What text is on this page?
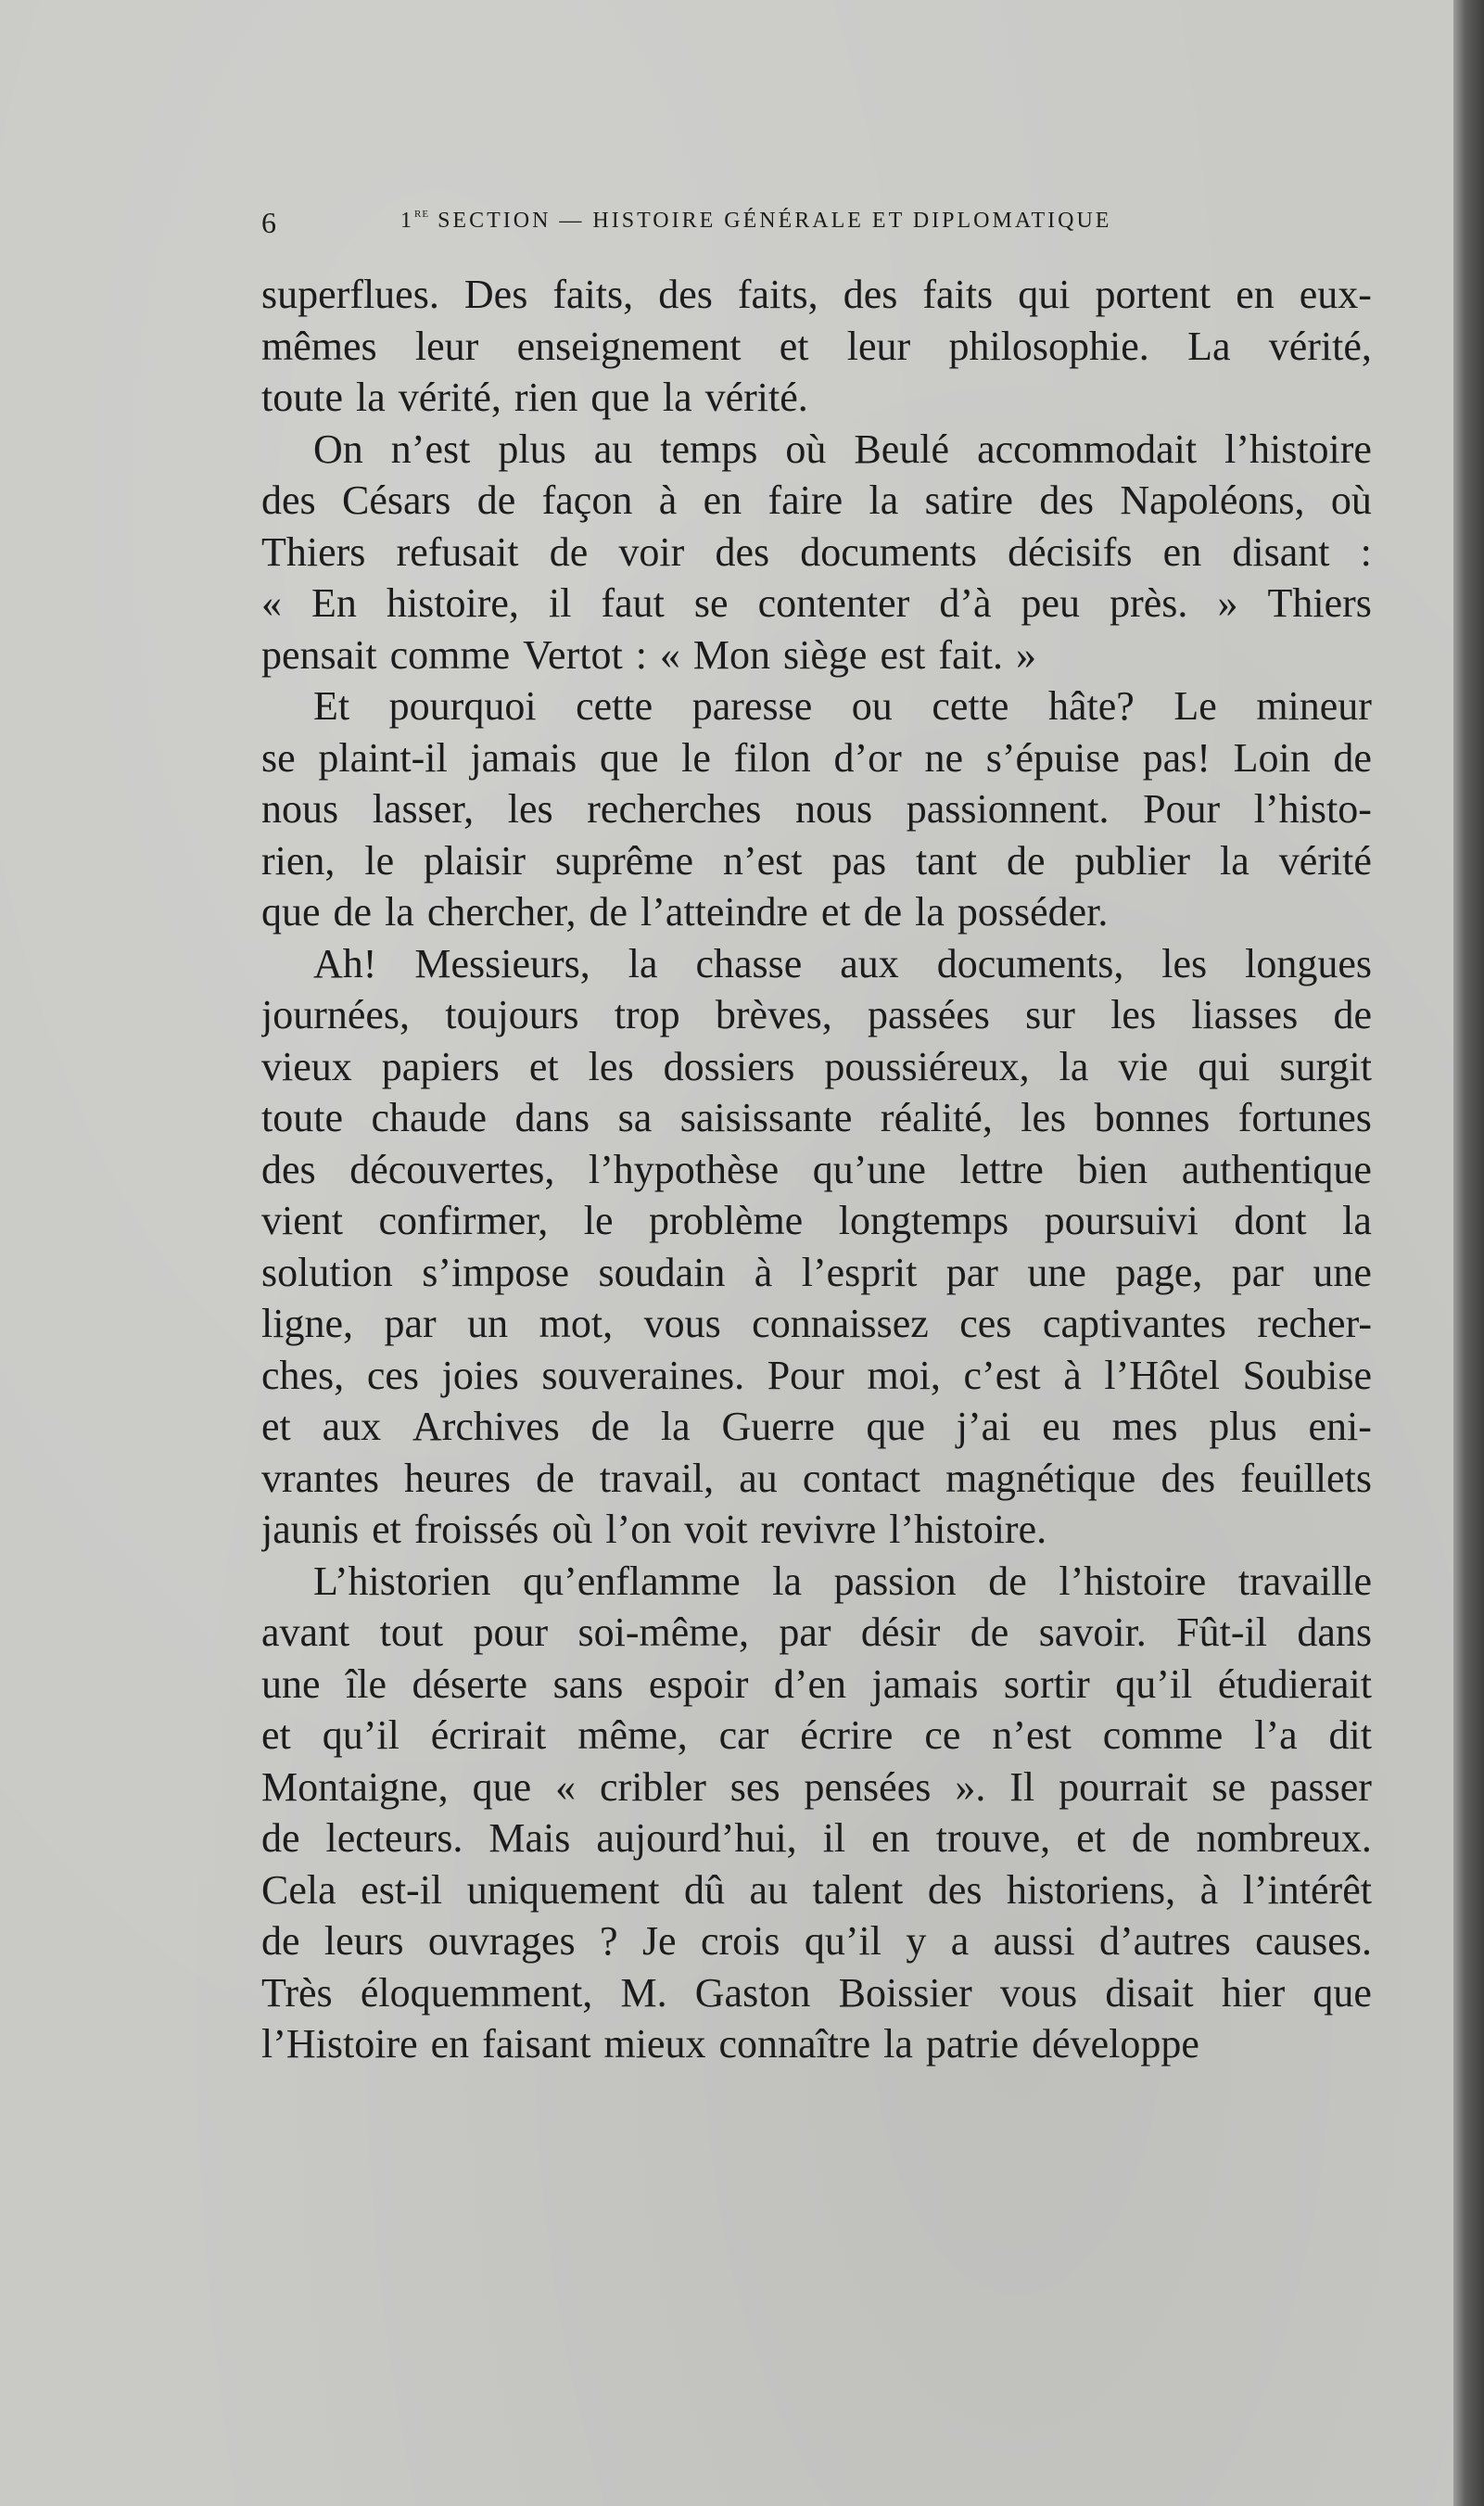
6	1re SECTION — HISTOIRE GÉNÉRALE ET DIPLOMATIQUE
superflues. Des faits, des faits, des faits qui portent en eux-
mêmes leur enseignement et leur philosophie. La vérité,
toute la vérité, rien que la vérité.
On n’est plus au temps où Beulé accommodait l’histoire
des Césars de façon à en faire la satire des Napoléons, où
Thiers refusait de voir des documents décisifs en disant :
« En histoire, il faut se contenter d’à peu près. » Thiers
pensait comme Vertot : « Mon siège est fait. »
Et pourquoi cette paresse ou cette hâte? Le mineur
se plaint-il jamais que le filon d’or ne s’épuise pas! Loin de
nous lasser, les recherches nous passionnent. Pour l’histo-
rien, le plaisir suprême n’est pas tant de publier la vérité
que de la chercher, de l’atteindre et de la posséder.
Ah! Messieurs, la chasse aux documents, les longues
journées, toujours trop brèves, passées sur les liasses de
vieux papiers et les dossiers poussiéreux, la vie qui surgit
toute chaude dans sa saisissante réalité, les bonnes fortunes
des découvertes, l’hypothèse qu’une lettre bien authentique
vient confirmer, le problème longtemps poursuivi dont la
solution s’impose soudain à l’esprit par une page, par une
ligne, par un mot, vous connaissez ces captivantes recher-
ches, ces joies souveraines. Pour moi, c’est à l’Hôtel Soubise
et aux Archives de la Guerre que j’ai eu mes plus eni-
vrantes heures de travail, au contact magnétique des feuillets
jaunis et froissés où l’on voit revivre l’histoire.
L’historien qu’enflamme la passion de l’histoire travaille
avant tout pour soi-même, par désir de savoir. Fût-il dans
une île déserte sans espoir d’en jamais sortir qu’il étudierait
et qu’il écrirait même, car écrire ce n’est comme l’a dit
Montaigne, que « cribler ses pensées ». Il pourrait se passer
de lecteurs. Mais aujourd’hui, il en trouve, et de nombreux.
Cela est-il uniquement dû au talent des historiens, à l’intérêt
de leurs ouvrages ? Je crois qu’il y a aussi d’autres causes.
Très éloquemment, M. Gaston Boissier vous disait hier que
l’Histoire en faisant mieux connaître la patrie développe
